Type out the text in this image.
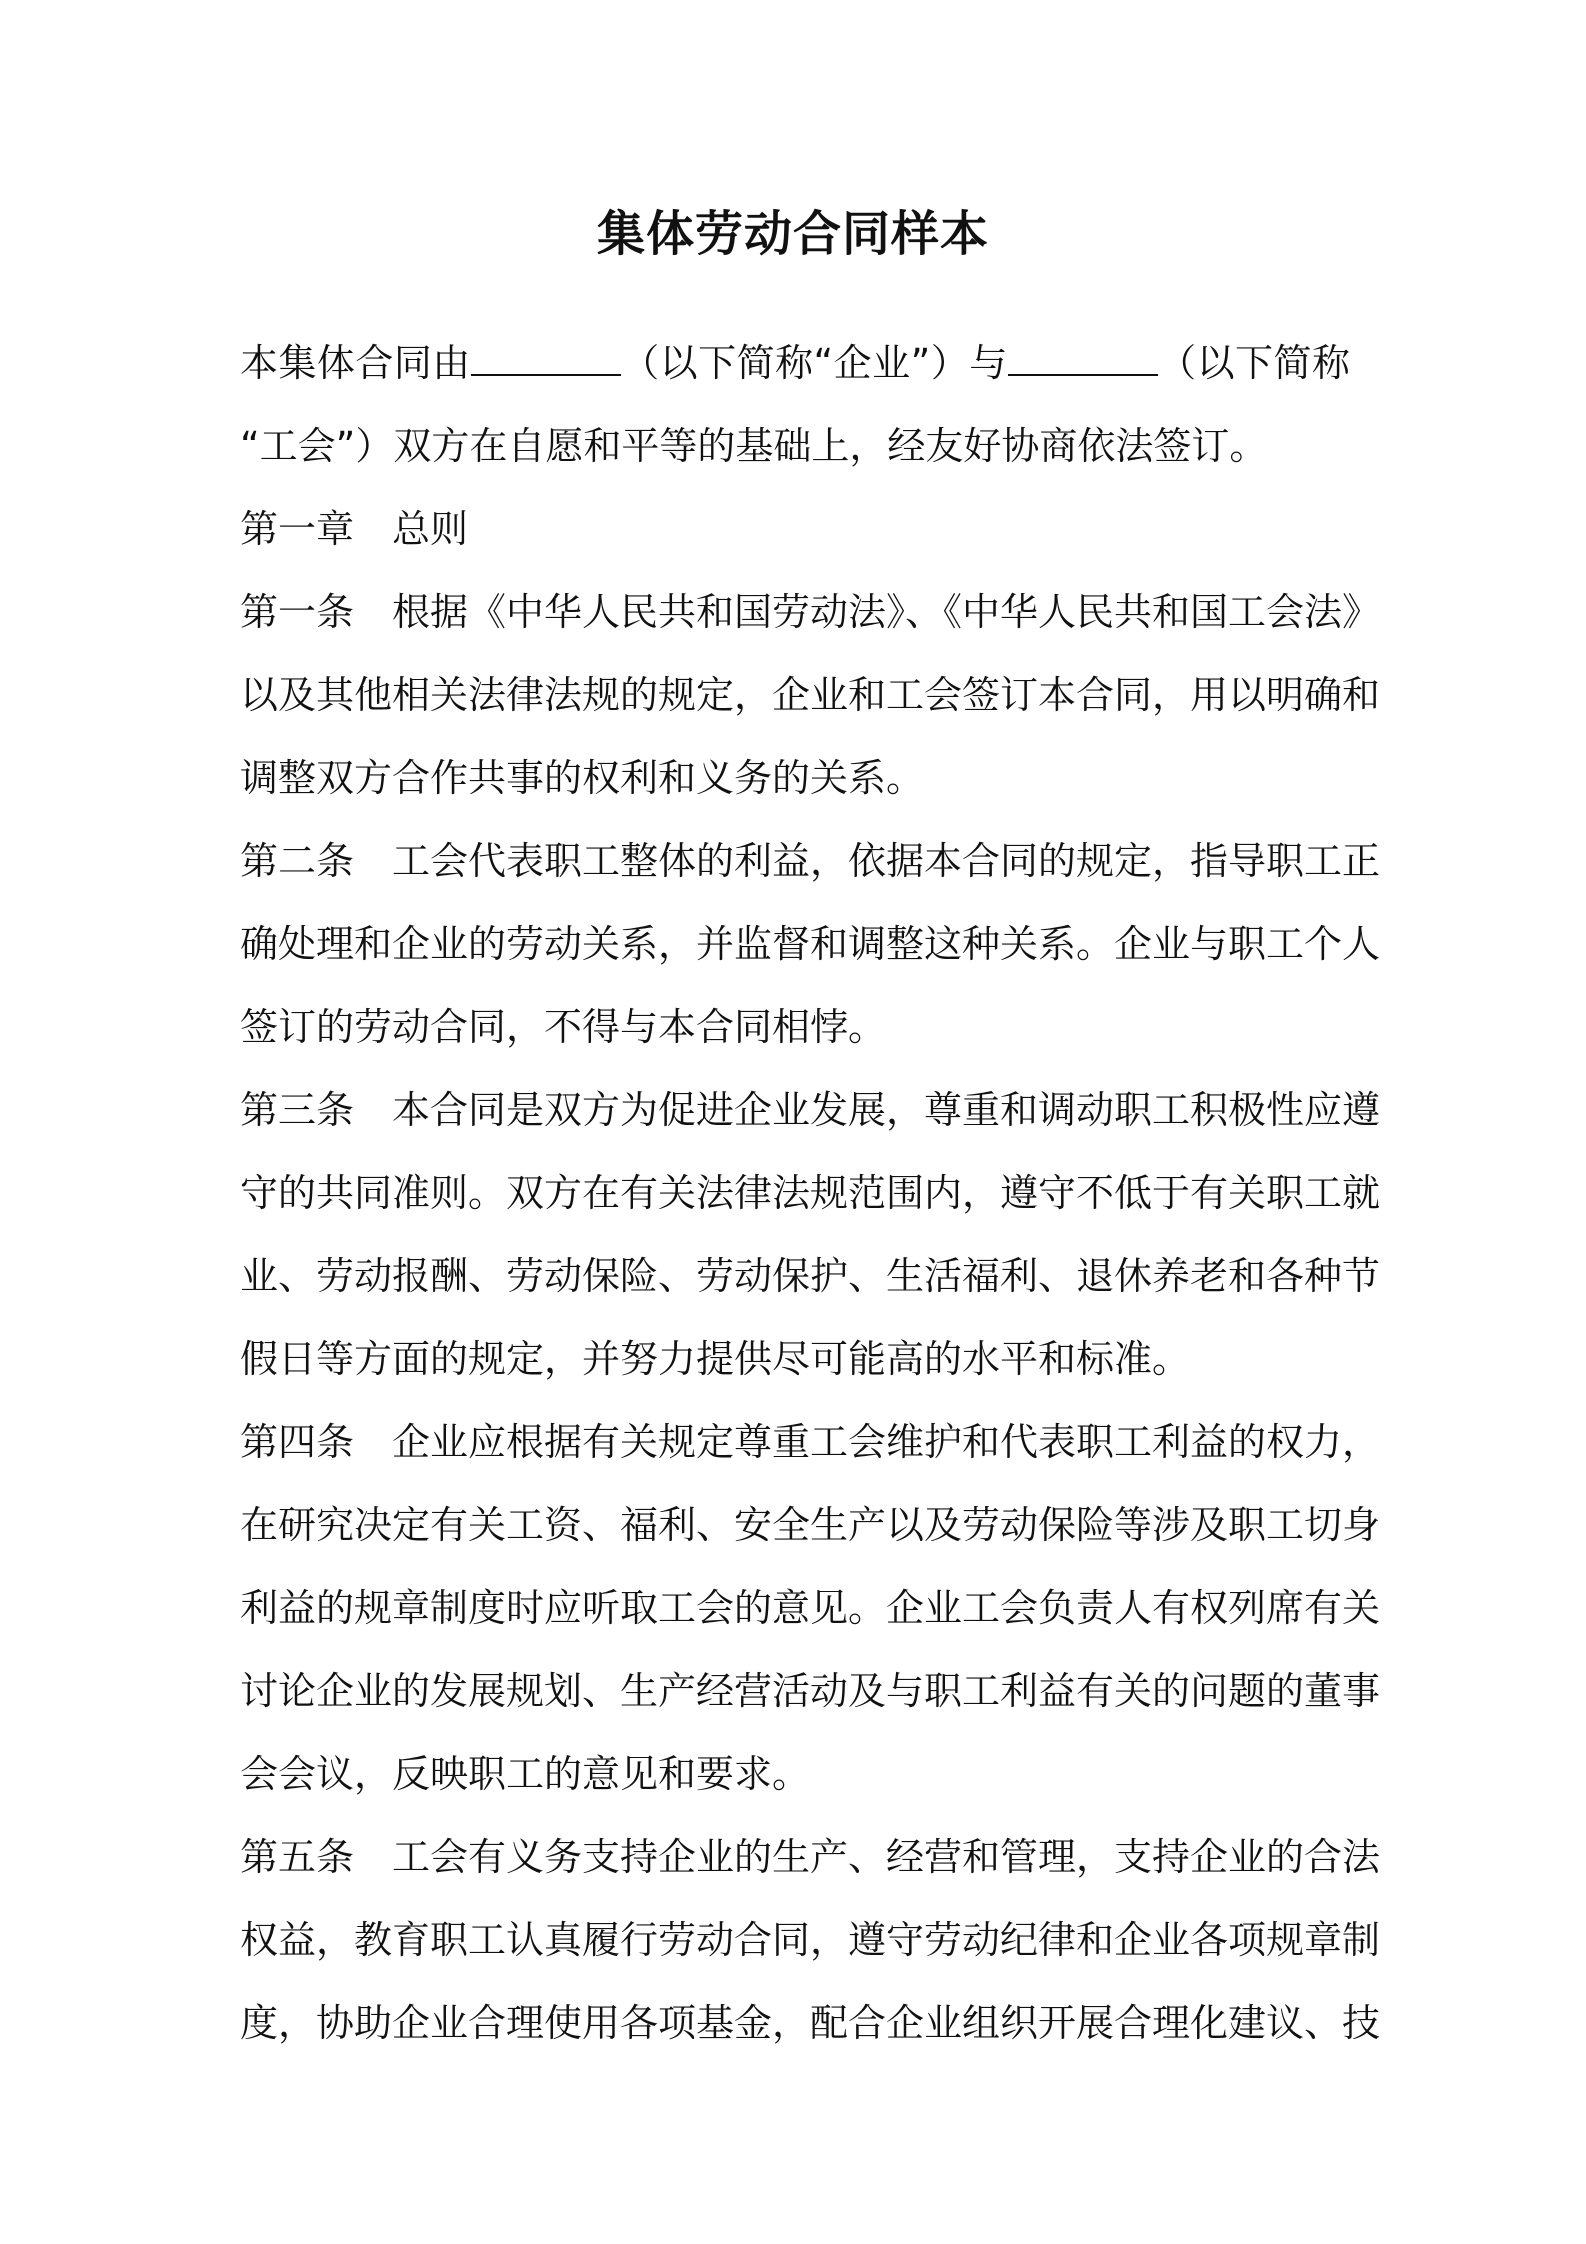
集体劳动合同样本
本集体合同由	（以下简称“企业”）与	（以下简称
“工会”）双方在自愿和平等的基础上，经友好协商依法签订。
第一章　总则
第一条　根据《中华人民共和国劳动法》、《中华人民共和国工会法》
以及其他相关法律法规的规定，企业和工会签订本合同，用以明确和
调整双方合作共事的权利和义务的关系。
第二条　工会代表职工整体的利益，依据本合同的规定，指导职工正
确处理和企业的劳动关系，并监督和调整这种关系。企业与职工个人
签订的劳动合同，不得与本合同相悖。
第三条　本合同是双方为促进企业发展，尊重和调动职工积极性应遵
守的共同准则。双方在有关法律法规范围内，遵守不低于有关职工就
业、劳动报酬、劳动保险、劳动保护、生活福利、退休养老和各种节
假日等方面的规定，并努力提供尽可能高的水平和标准。
第四条　企业应根据有关规定尊重工会维护和代表职工利益的权力，
在研究决定有关工资、福利、安全生产以及劳动保险等涉及职工切身
利益的规章制度时应听取工会的意见。企业工会负责人有权列席有关
讨论企业的发展规划、生产经营活动及与职工利益有关的问题的董事
会会议，反映职工的意见和要求。
第五条　工会有义务支持企业的生产、经营和管理，支持企业的合法
权益，教育职工认真履行劳动合同，遵守劳动纪律和企业各项规章制
度，协助企业合理使用各项基金，配合企业组织开展合理化建议、技
